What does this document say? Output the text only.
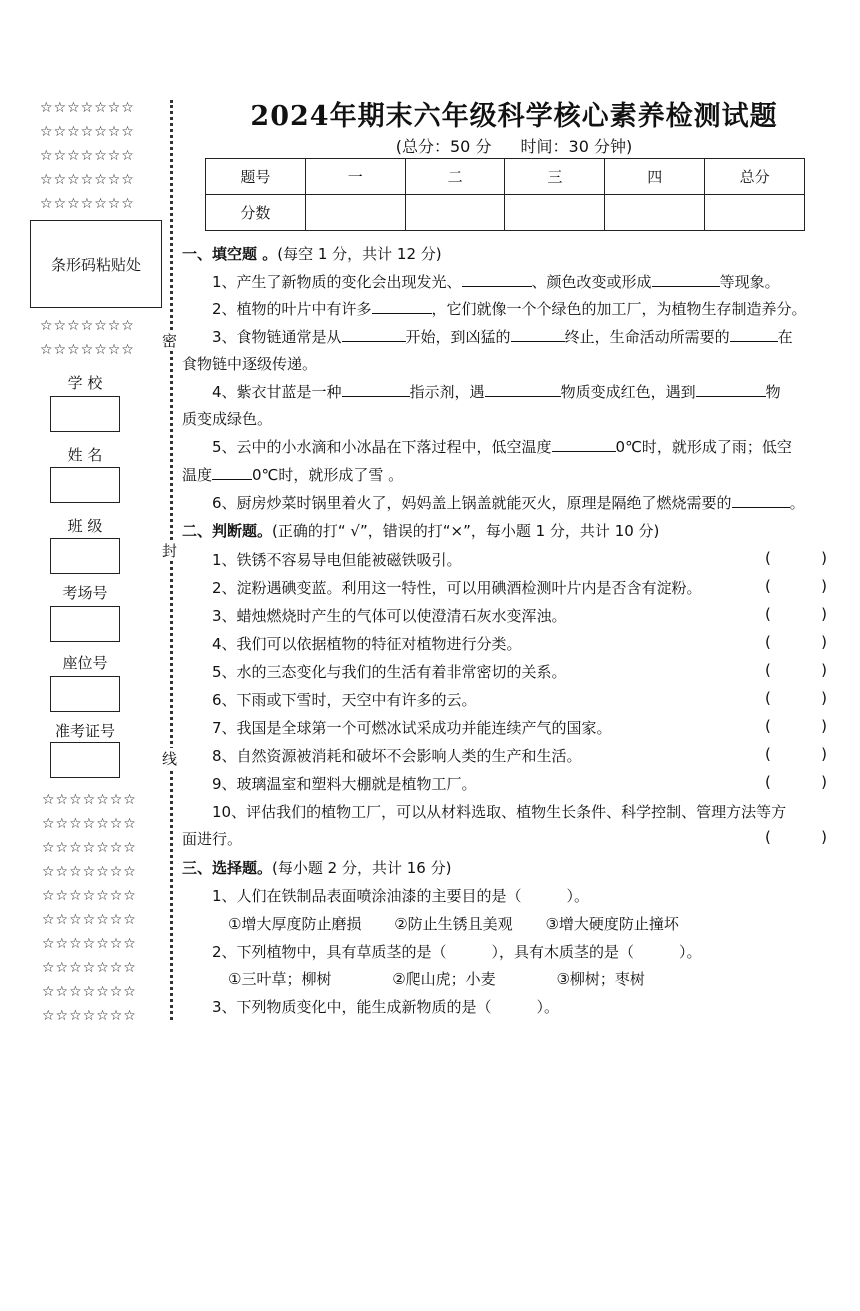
☆☆☆☆☆☆☆
☆☆☆☆☆☆☆
☆☆☆☆☆☆☆
☆☆☆☆☆☆☆
☆☆☆☆☆☆☆
条形码粘贴处
☆☆☆☆☆☆☆
☆☆☆☆☆☆☆
学 校
姓 名
班 级
考场号
座位号
准考证号
☆☆☆☆☆☆☆
☆☆☆☆☆☆☆
☆☆☆☆☆☆☆
☆☆☆☆☆☆☆
☆☆☆☆☆☆☆
☆☆☆☆☆☆☆
☆☆☆☆☆☆☆
☆☆☆☆☆☆☆
☆☆☆☆☆☆☆
☆☆☆☆☆☆☆
密
封
线
2024年期末六年级科学核心素养检测试题
(总分：50 分 时间：30 分钟)
题号	一	二	三	四	总分
分数					
一、填空题 。(每空 1 分，共计 12 分)
1、产生了新物质的变化会出现发光、	、颜色改变或形成	等现象。
2、植物的叶片中有许多	，它们就像一个个绿色的加工厂，为植物生存制造养分。
3、食物链通常是从	开始，到凶猛的	终止，生命活动所需要的	在
食物链中逐级传递。
4、紫衣甘蓝是一种	指示剂，遇	物质变成红色，遇到	物
质变成绿色。
5、云中的小水滴和小冰晶在下落过程中，低空温度	0℃时，就形成了雨；低空
温度	0℃时，就形成了雪 。
6、厨房炒菜时锅里着火了，妈妈盖上锅盖就能灭火，原理是隔绝了燃烧需要的	。
二、判断题。(正确的打“ √”，错误的打“×”，每小题 1 分，共计 10 分)
1、铁锈不容易导电但能被磁铁吸引。	(	)
2、淀粉遇碘变蓝。利用这一特性，可以用碘酒检测叶片内是否含有淀粉。	(	)
3、蜡烛燃烧时产生的气体可以使澄清石灰水变浑浊。	(	)
4、我们可以依据植物的特征对植物进行分类。	(	)
5、水的三态变化与我们的生活有着非常密切的关系。	(	)
6、下雨或下雪时，天空中有许多的云。	(	)
7、我国是全球第一个可燃冰试采成功并能连续产气的国家。	(	)
8、自然资源被消耗和破坏不会影响人类的生产和生活。	(	)
9、玻璃温室和塑料大棚就是植物工厂。	(	)
10、评估我们的植物工厂，可以从材料选取、植物生长条件、科学控制、管理方法等方
面进行。	(	)
三、选择题。(每小题 2 分，共计 16 分)
1、人们在铁制品表面喷涂油漆的主要目的是（　　　）。
①增大厚度防止磨损 ②防止生锈且美观 ③增大硬度防止撞坏
2、下列植物中，具有草质茎的是（　　　），具有木质茎的是（　　　）。
①三叶草；柳树	②爬山虎；小麦	③柳树；枣树
3、下列物质变化中，能生成新物质的是（　　　）。
